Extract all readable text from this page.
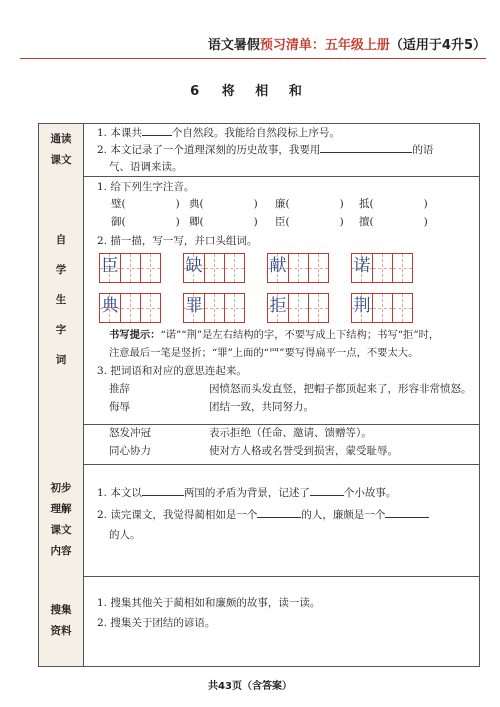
语文暑假预习清单：五年级上册（适用于4升5）
6 将 相 和
通读
课文
1. 本课共	个自然段。我能给自然段标上序号。
2. 本文记录了一个道理深刻的历史故事，我要用	的语
气、语调来读。
自
学
生
字
词
1. 给下列生字注音。
璧(	) 典(	) 廉(	) 抵(	)
御(	) 卿(	) 臣(	) 擅(	)
2. 描一描，写一写，并口头组词。
臣	缺	献	诺
典	罪	拒	荆
书写提示：“诺”“荆”是左右结构的字，不要写成上下结构；书写“拒”时，
注意最后一笔是竖折；“罪”上面的“罒”要写得扁平一点，不要太大。
3. 把词语和对应的意思连起来。
推辞	因愤怒而头发直竖，把帽子都顶起来了，形容非常愤怒。
侮辱	团结一致，共同努力。
怒发冲冠	表示拒绝（任命、邀请、馈赠等）。
同心协力	使对方人格或名誉受到损害，蒙受耻辱。
初步
理解
课文
内容
1. 本文以	两国的矛盾为背景，记述了	个小故事。
2. 读完课文，我觉得蔺相如是一个	的人，廉颇是一个
的人。
搜集
资料
1. 搜集其他关于蔺相如和廉颇的故事，读一读。
2. 搜集关于团结的谚语。
共43页（含答案）
